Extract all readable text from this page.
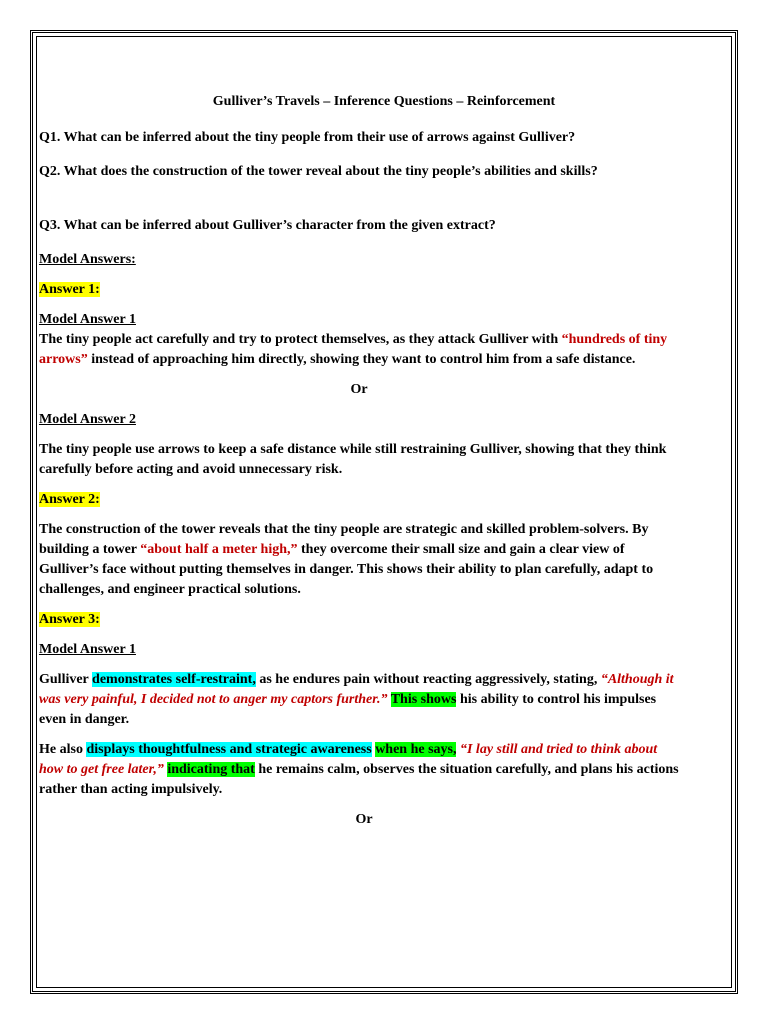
Gulliver’s Travels – Inference Questions – Reinforcement

Q1. What can be inferred about the tiny people from their use of arrows against Gulliver?

Q2. What does the construction of the tower reveal about the tiny people’s abilities and skills?

Q3. What can be inferred about Gulliver’s character from the given extract?

Model Answers:

Answer 1:

Model Answer 1

The tiny people act carefully and try to protect themselves, as they attack Gulliver with “hundreds of tiny arrows” instead of approaching him directly, showing they want to control him from a safe distance.

Or

Model Answer 2

The tiny people use arrows to keep a safe distance while still restraining Gulliver, showing that they think carefully before acting and avoid unnecessary risk.

Answer 2:

The construction of the tower reveals that the tiny people are strategic and skilled problem-solvers. By building a tower “about half a meter high,” they overcome their small size and gain a clear view of Gulliver’s face without putting themselves in danger. This shows their ability to plan carefully, adapt to challenges, and engineer practical solutions.

Answer 3:

Model Answer 1

Gulliver demonstrates self-restraint, as he endures pain without reacting aggressively, stating, “Although it was very painful, I decided not to anger my captors further.” This shows his ability to control his impulses even in danger.

He also displays thoughtfulness and strategic awareness when he says, “I lay still and tried to think about how to get free later,” indicating that he remains calm, observes the situation carefully, and plans his actions rather than acting impulsively.

Or
